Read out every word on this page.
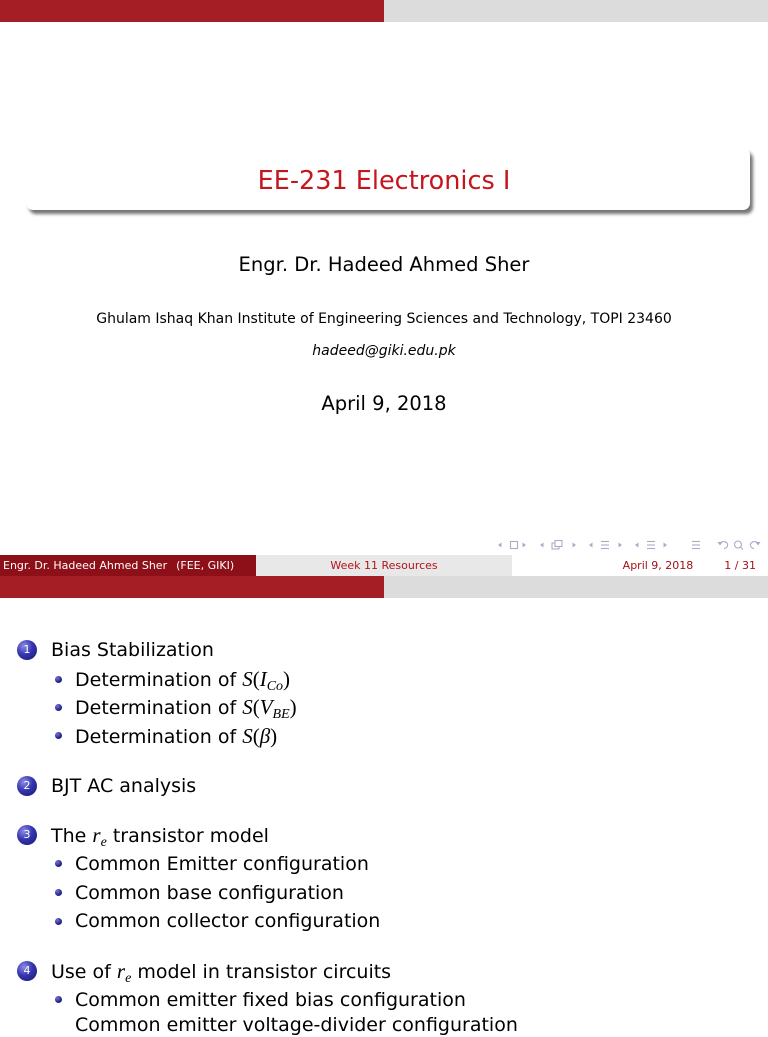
EE-231 Electronics I
Engr. Dr. Hadeed Ahmed Sher
Ghulam Ishaq Khan Institute of Engineering Sciences and Technology, TOPI 23460
hadeed@giki.edu.pk
April 9, 2018
Engr. Dr. Hadeed Ahmed Sher (FEE, GIKI)	Week 11 Resources	April 9, 2018	1 / 31
1	Bias Stabilization
Determination of $S(I_{Co})$
Determination of $S(V_{BE})$
Determination of S(β)
2	BJT AC analysis
3	The $r_e$ transistor model
Common Emitter configuration
Common base configuration
Common collector configuration
4	Use of $r_e$ model in transistor circuits
Common emitter fixed bias configuration
Common emitter voltage-divider configuration
